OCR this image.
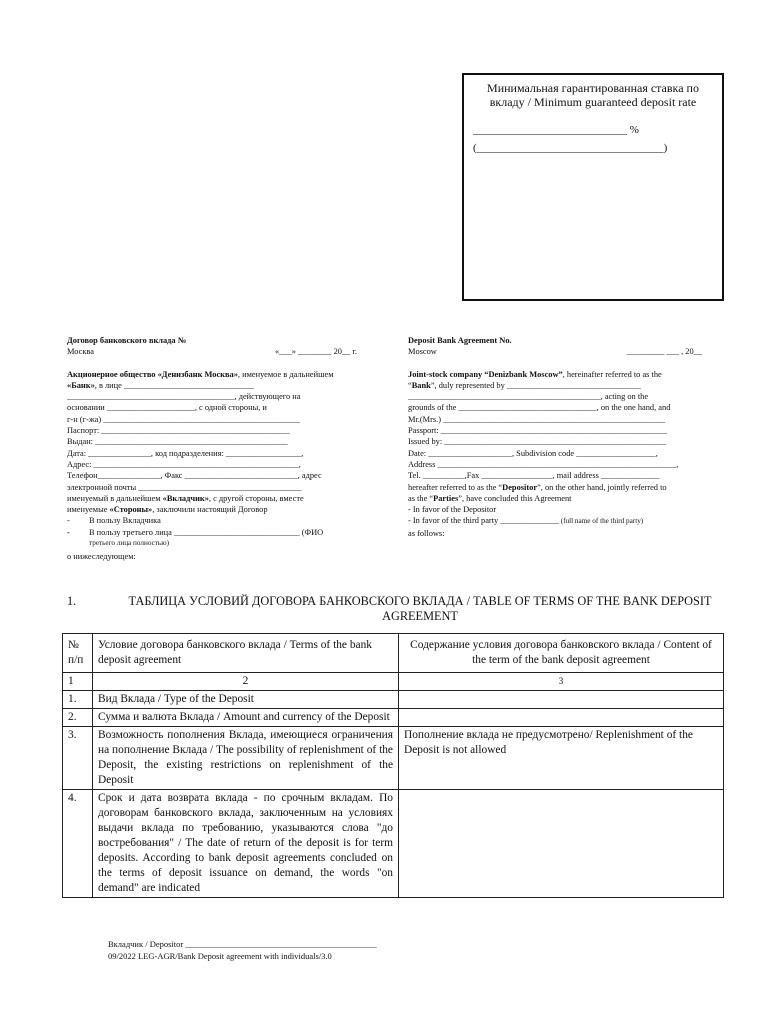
Минимальная гарантированная ставка по
вкладу / Minimum guaranteed deposit rate
____________________________ %
(__________________________________)
Договор банковского вклада №
Москва	«___» ________ 20__ г.
Акционерное общество «Денизбанк Москва», именуемое в дальнейшем
«Банк», в лице _______________________________
________________________________________, действующего на
основании _____________________, с одной стороны, и
г-н (г-жа) _______________________________________________
Паспорт: _____________________________________________
Выдан: ______________________________________________
Дата: _______________, код подразделения: __________________,
Адрес: _________________________________________________,
Телефон_______________, Факс ___________________________, адрес
электронной почты _______________________________________
именуемый в дальнейшем «Вкладчик», с другой стороны, вместе
именуемые «Стороны», заключили настоящий Договор
-	В пользу Вкладчика
-	В пользу третьего лица ______________________________ (ФИО
третьего лица полностью)
о нижеследующем:
Deposit Bank Agreement No.
Moscow	_________ ___ , 20__
Joint-stock company “Denizbank Moscow”, hereinafter referred to as the
“Bank”, duly represented by ________________________________
______________________________________________, acting on the
grounds of the _________________________________, on the one hand, and
Mr.(Mrs.) _____________________________________________________
Passport: ______________________________________________________
Issued by: _____________________________________________________
Date: ____________________, Subdivision code ___________________,
Address _________________________________________________________,
Tel. __________,Fax _________________, mail address ______________
hereafter referred to as the “Depositor”, on the other hand, jointly referred to
as the “Parties”, have concluded this Agreement
- In favor of the Depositor
- In favor of the third party ______________ (full name of the third party)
as follows:
1.	ТАБЛИЦА УСЛОВИЙ ДОГОВОРА БАНКОВСКОГО ВКЛАДА / TABLE OF TERMS OF THE BANK DEPOSIT AGREEMENT
№ п/п	Условие договора банковского вклада / Terms of the bank deposit agreement	Содержание условия договора банковского вклада / Content of the term of the bank deposit agreement
1	2	3
1.	Вид Вклада / Type of the Deposit	
2.	Сумма и валюта Вклада / Amount and currency of the Deposit	
3.	Возможность пополнения Вклада, имеющиеся ограничения на пополнение Вклада / The possibility of replenishment of the Deposit, the existing restrictions on replenishment of the Deposit	Пополнение вклада не предусмотрено/ Replenishment of the Deposit is not allowed
4.	Срок и дата возврата вклада - по срочным вкладам. По договорам банковского вклада, заключенным на условиях выдачи вклада по требованию, указываются слова "до востребования" / The date of return of the deposit is for term deposits. According to bank deposit agreements concluded on the terms of deposit issuance on demand, the words "on demand" are indicated	
Вкладчик / Depositor _____________________________________________
09/2022 LEG-AGR/Bank Deposit agreement with individuals/3.0
